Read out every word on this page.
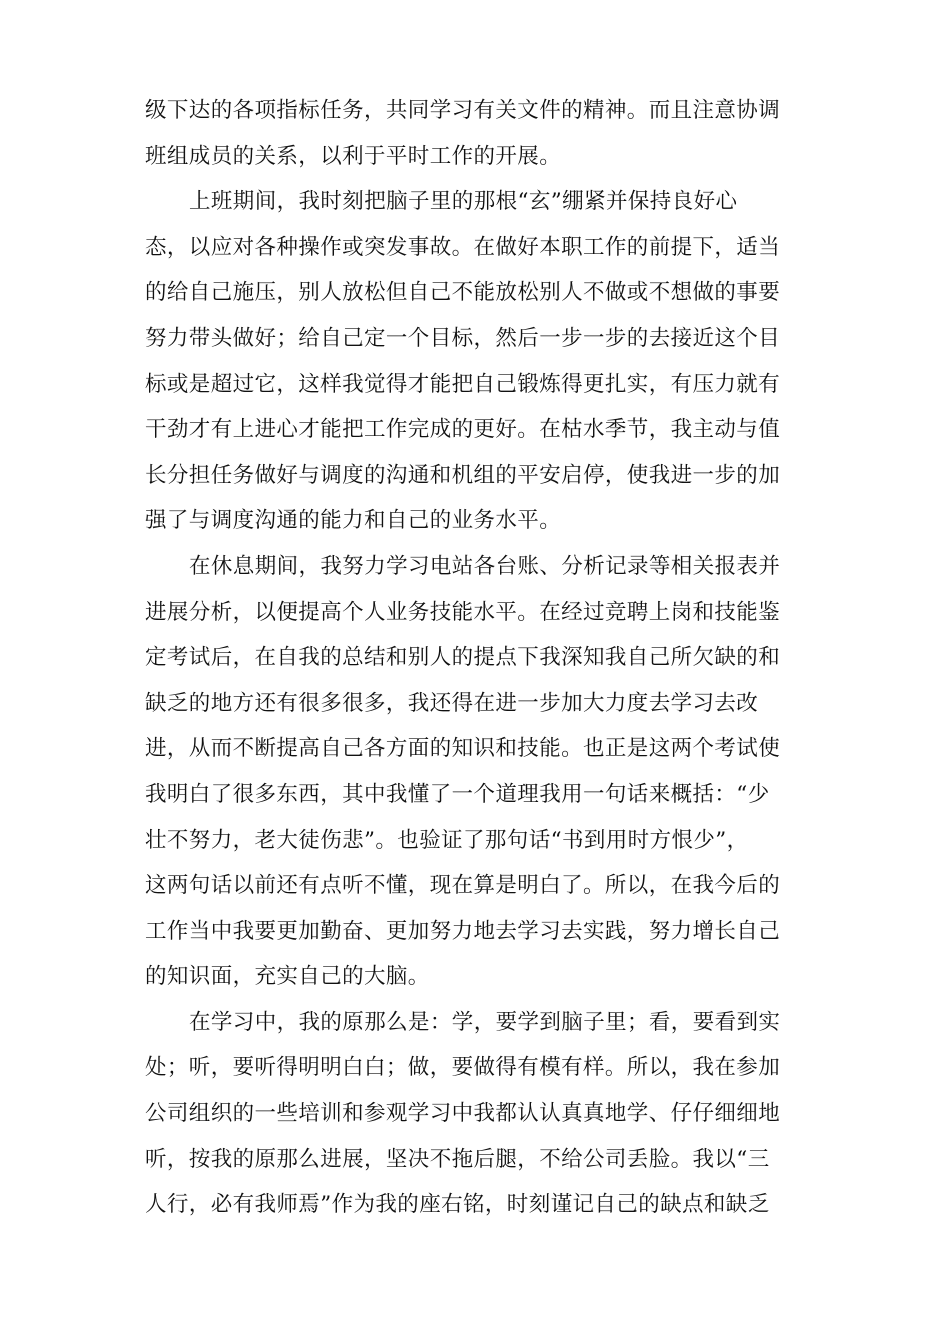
级下达的各项指标任务，共同学习有关文件的精神。而且注意协调
班组成员的关系，以利于平时工作的开展。
上班期间，我时刻把脑子里的那根“玄”绷紧并保持良好心
态，以应对各种操作或突发事故。在做好本职工作的前提下，适当
的给自己施压，别人放松但自己不能放松别人不做或不想做的事要
努力带头做好；给自己定一个目标，然后一步一步的去接近这个目
标或是超过它，这样我觉得才能把自己锻炼得更扎实，有压力就有
干劲才有上进心才能把工作完成的更好。在枯水季节，我主动与值
长分担任务做好与调度的沟通和机组的平安启停，使我进一步的加
强了与调度沟通的能力和自己的业务水平。
在休息期间，我努力学习电站各台账、分析记录等相关报表并
进展分析，以便提高个人业务技能水平。在经过竞聘上岗和技能鉴
定考试后，在自我的总结和别人的提点下我深知我自己所欠缺的和
缺乏的地方还有很多很多，我还得在进一步加大力度去学习去改
进，从而不断提高自己各方面的知识和技能。也正是这两个考试使
我明白了很多东西，其中我懂了一个道理我用一句话来概括：“少
壮不努力，老大徒伤悲”。也验证了那句话“书到用时方恨少”，
这两句话以前还有点听不懂，现在算是明白了。所以，在我今后的
工作当中我要更加勤奋、更加努力地去学习去实践，努力增长自己
的知识面，充实自己的大脑。
在学习中，我的原那么是：学，要学到脑子里；看，要看到实
处；听，要听得明明白白；做，要做得有模有样。所以，我在参加
公司组织的一些培训和参观学习中我都认认真真地学、仔仔细细地
听，按我的原那么进展，坚决不拖后腿，不给公司丢脸。我以“三
人行，必有我师焉”作为我的座右铭，时刻谨记自己的缺点和缺乏
